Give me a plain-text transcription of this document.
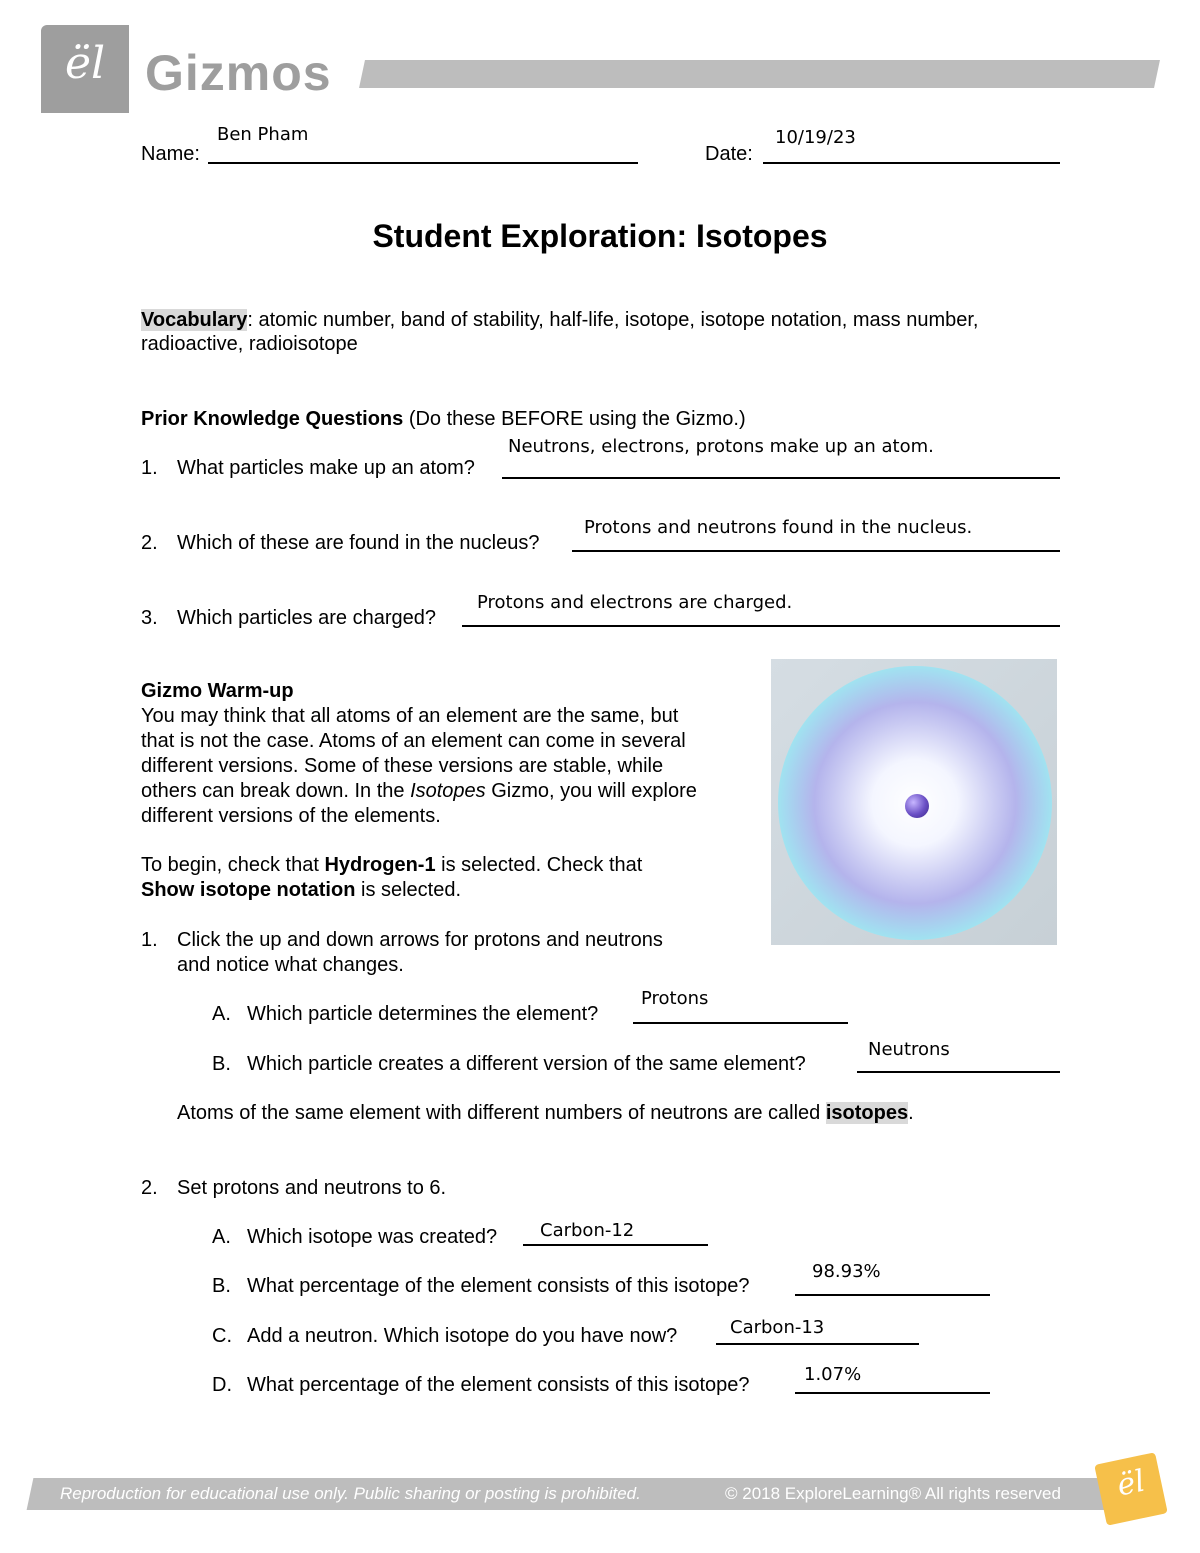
ël Gizmos
Name:
Ben Pham
Date:
10/19/23
Student Exploration: Isotopes
Vocabulary: atomic number, band of stability, half-life, isotope, isotope notation, mass number,
radioactive, radioisotope
Prior Knowledge Questions (Do these BEFORE using the Gizmo.)
1. What particles make up an atom?
Neutrons, electrons, protons make up an atom.
2. Which of these are found in the nucleus?
Protons and neutrons found in the nucleus.
3. Which particles are charged?
Protons and electrons are charged.
Gizmo Warm-up
You may think that all atoms of an element are the same, but
that is not the case. Atoms of an element can come in several
different versions. Some of these versions are stable, while
others can break down. In the Isotopes Gizmo, you will explore
different versions of the elements.
To begin, check that Hydrogen-1 is selected. Check that
Show isotope notation is selected.
1. Click the up and down arrows for protons and neutrons
and notice what changes.
A. Which particle determines the element?
Protons
B. Which particle creates a different version of the same element?
Neutrons
Atoms of the same element with different numbers of neutrons are called isotopes.
2. Set protons and neutrons to 6.
A. Which isotope was created? Carbon-12
B. What percentage of the element consists of this isotope?
98.93%
C. Add a neutron. Which isotope do you have now?	Carbon-13
D. What percentage of the element consists of this isotope?	1.07%
Reproduction for educational use only. Public sharing or posting is prohibited.	© 2018 ExploreLearning® All rights reserved	ël
